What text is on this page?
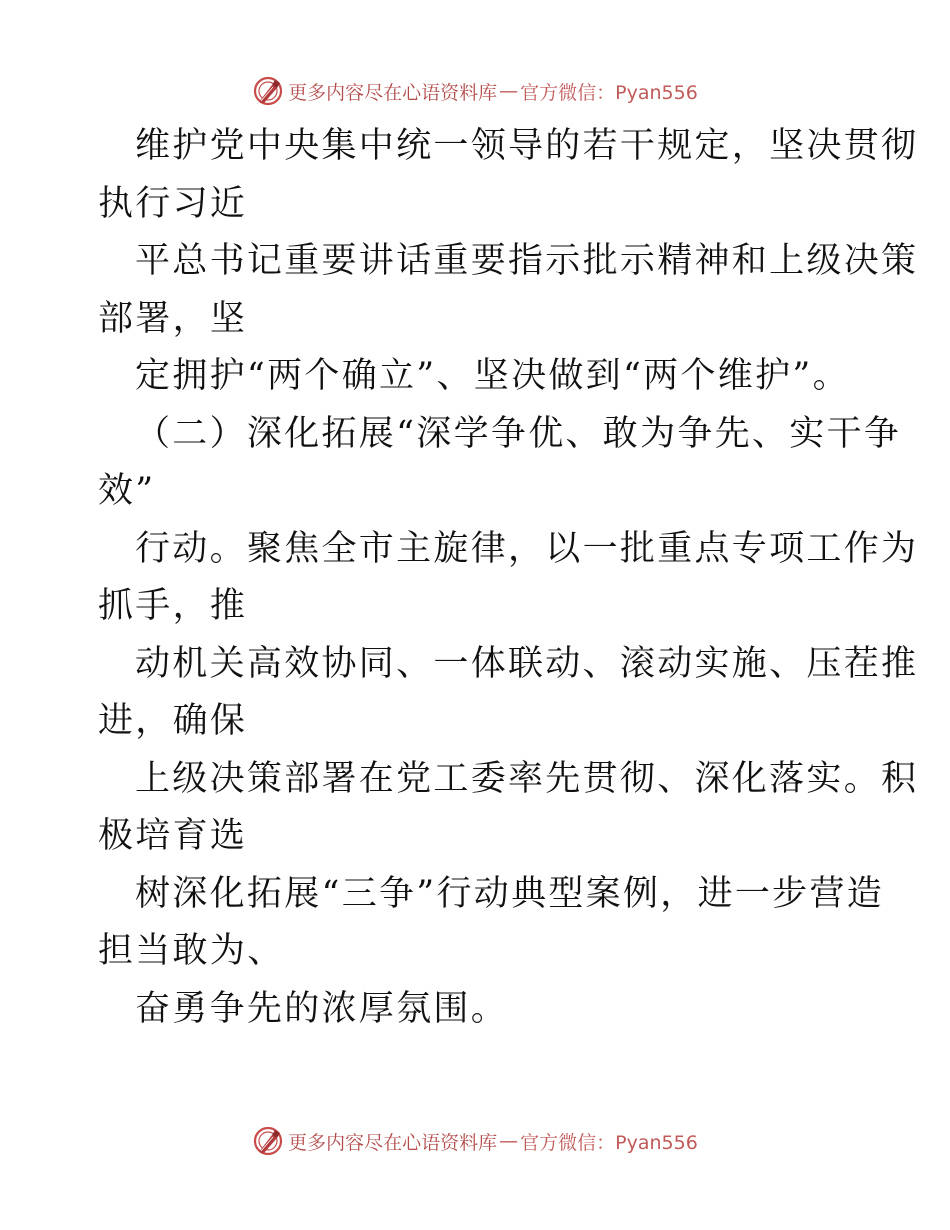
更多内容尽在心语资料库 — 官方微信：Pyan556
维护党中央集中统一领导的若干规定，坚决贯彻
执行习近
平总书记重要讲话重要指示批示精神和上级决策
部署，坚
定拥护“两个确立”、坚决做到“两个维护”。
（二）深化拓展“深学争优、敢为争先、实干争
效”
行动。聚焦全市主旋律，以一批重点专项工作为
抓手，推
动机关高效协同、一体联动、滚动实施、压茬推
进，确保
上级决策部署在党工委率先贯彻、深化落实。积
极培育选
树深化拓展“三争”行动典型案例，进一步营造
担当敢为、
奋勇争先的浓厚氛围。
更多内容尽在心语资料库 — 官方微信：Pyan556
